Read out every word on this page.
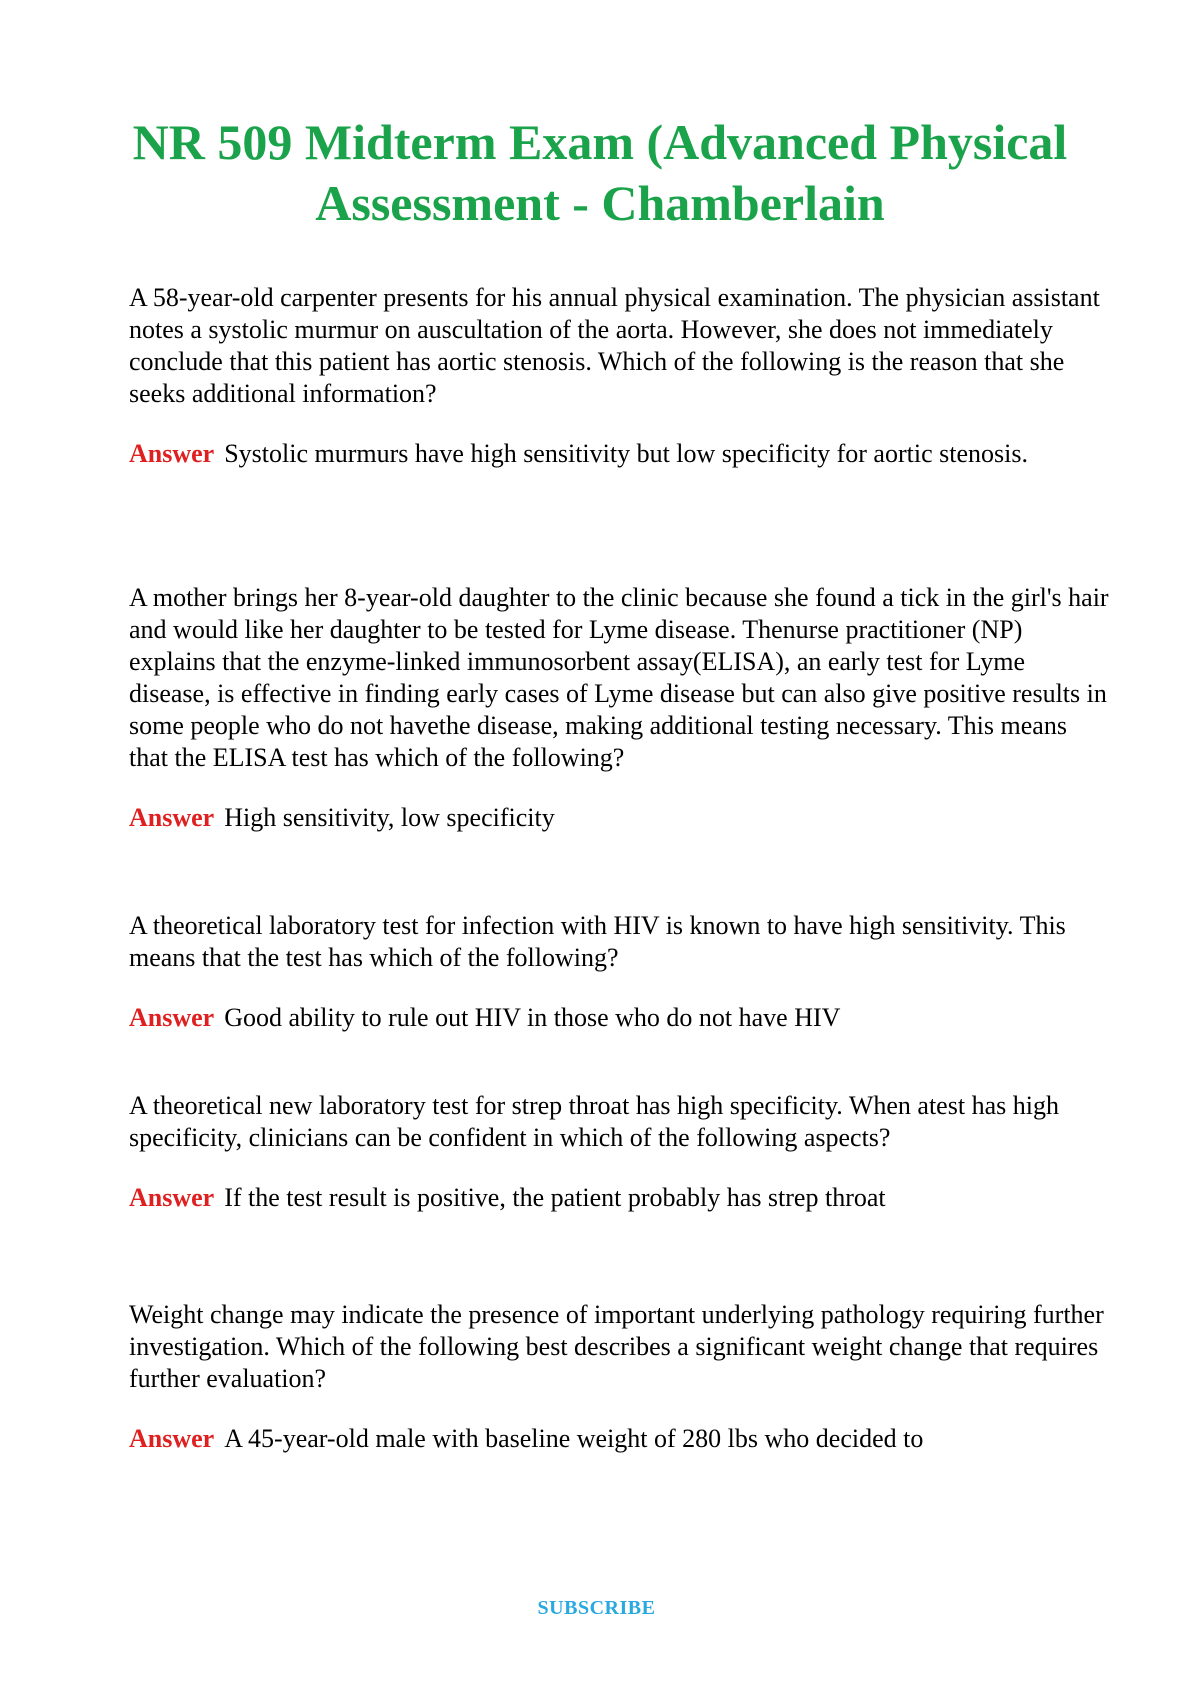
NR 509 Midterm Exam (Advanced Physical
Assessment - Chamberlain

A 58-year-old carpenter presents for his annual physical examination. The physician assistant notes a systolic murmur on auscultation of the aorta. However, she does not immediately conclude that this patient has aortic stenosis. Which of the following is the reason that she seeks additional information?

Answer Systolic murmurs have high sensitivity but low specificity for aortic stenosis.

A mother brings her 8-year-old daughter to the clinic because she found a tick in the girl's hair and would like her daughter to be tested for Lyme disease. Thenurse practitioner (NP) explains that the enzyme-linked immunosorbent assay(ELISA), an early test for Lyme disease, is effective in finding early cases of Lyme disease but can also give positive results in some people who do not havethe disease, making additional testing necessary. This means that the ELISA test has which of the following?

Answer High sensitivity, low specificity

A theoretical laboratory test for infection with HIV is known to have high sensitivity. This means that the test has which of the following?

Answer Good ability to rule out HIV in those who do not have HIV

A theoretical new laboratory test for strep throat has high specificity. When atest has high specificity, clinicians can be confident in which of the following aspects?

Answer If the test result is positive, the patient probably has strep throat

Weight change may indicate the presence of important underlying pathology requiring further investigation. Which of the following best describes a significant weight change that requires further evaluation?

Answer A 45-year-old male with baseline weight of 280 lbs who decided to

SUBSCRIBE
